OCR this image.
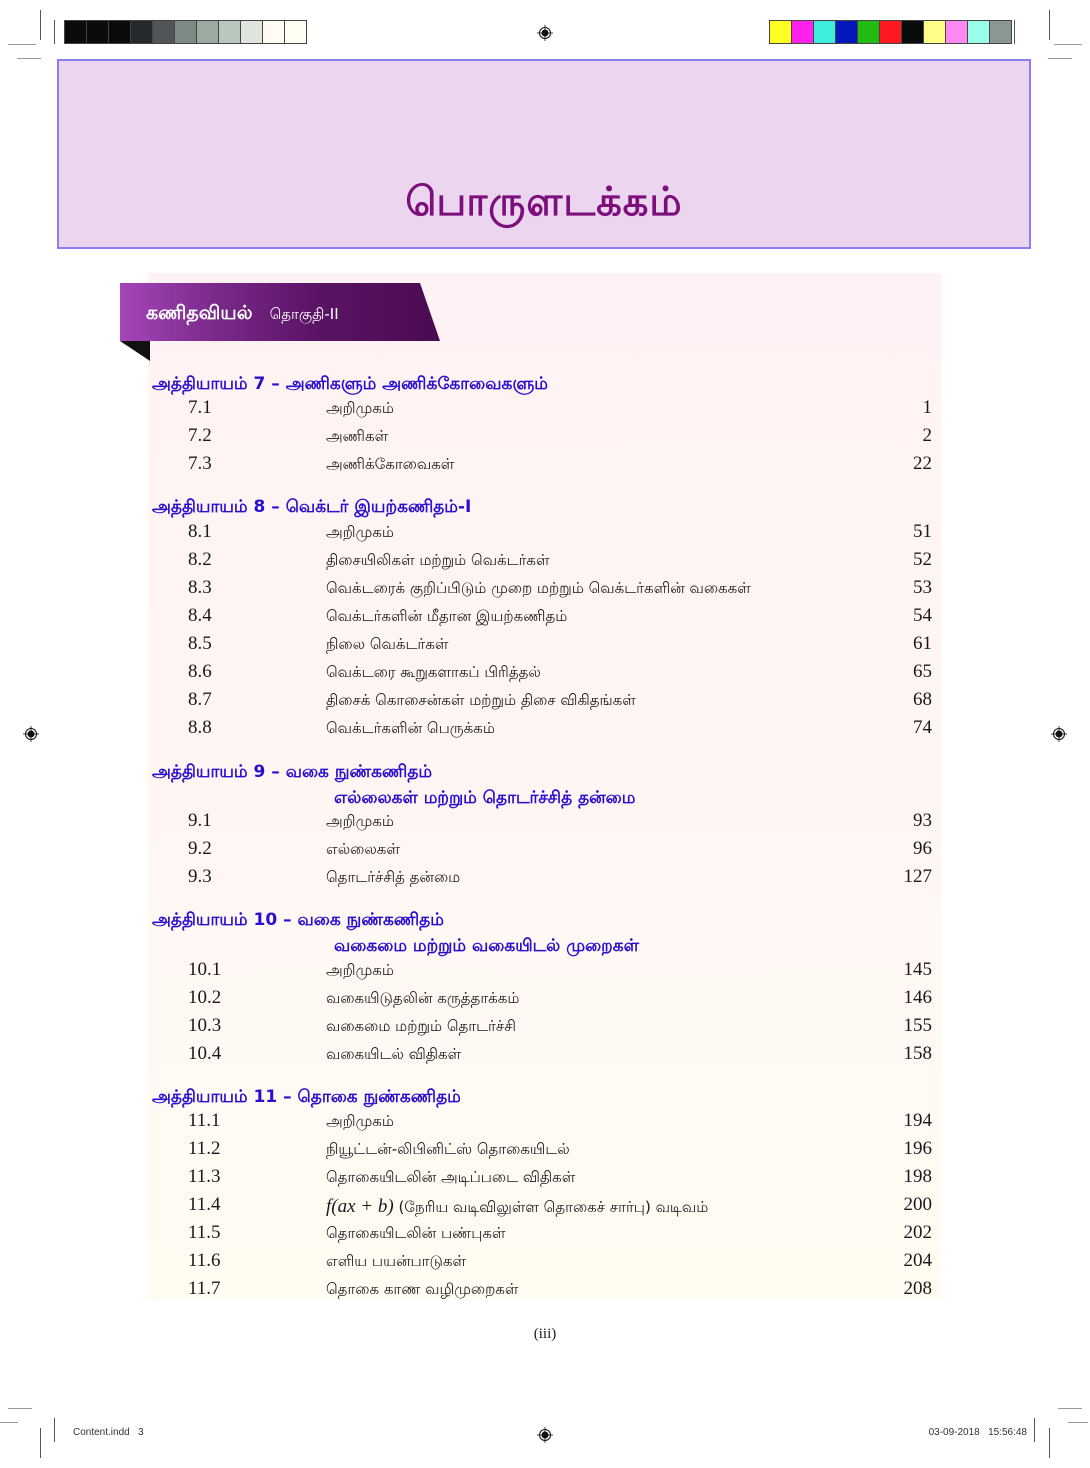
பொருளடக்கம்
கணிதவியல் தொகுதி-II
அத்தியாயம் 7 – அணிகளும் அணிக்கோவைகளும்
7.1	அறிமுகம்	1
7.2	அணிகள்	2
7.3	அணிக்கோவைகள்	22
அத்தியாயம் 8 – வெக்டர் இயற்கணிதம்-I
8.1	அறிமுகம்	51
8.2	திசையிலிகள் மற்றும் வெக்டர்கள்	52
8.3	வெக்டரைக் குறிப்பிடும் முறை மற்றும் வெக்டர்களின் வகைகள்	53
8.4	வெக்டர்களின் மீதான இயற்கணிதம்	54
8.5	நிலை வெக்டர்கள்	61
8.6	வெக்டரை கூறுகளாகப் பிரித்தல்	65
8.7	திசைக் கொசைன்கள் மற்றும் திசை விகிதங்கள்	68
8.8	வெக்டர்களின் பெருக்கம்	74
அத்தியாயம் 9 – வகை நுண்கணிதம்
எல்லைகள் மற்றும் தொடர்ச்சித் தன்மை
9.1	அறிமுகம்	93
9.2	எல்லைகள்	96
9.3	தொடர்ச்சித் தன்மை	127
அத்தியாயம் 10 – வகை நுண்கணிதம்
வகைமை மற்றும் வகையிடல் முறைகள்
10.1	அறிமுகம்	145
10.2	வகையிடுதலின் கருத்தாக்கம்	146
10.3	வகைமை மற்றும் தொடர்ச்சி	155
10.4	வகையிடல் விதிகள்	158
அத்தியாயம் 11 – தொகை நுண்கணிதம்
11.1	அறிமுகம்	194
11.2	நியூட்டன்-லிபினிட்ஸ் தொகையிடல்	196
11.3	தொகையிடலின் அடிப்படை விதிகள்	198
11.4	f(ax + b) (நேரிய வடிவிலுள்ள தொகைச் சார்பு) வடிவம்	200
11.5	தொகையிடலின் பண்புகள்	202
11.6	எளிய பயன்பாடுகள்	204
11.7	தொகை காண வழிமுறைகள்	208
(iii)
Content.indd   3	03-09-2018   15:56:48
